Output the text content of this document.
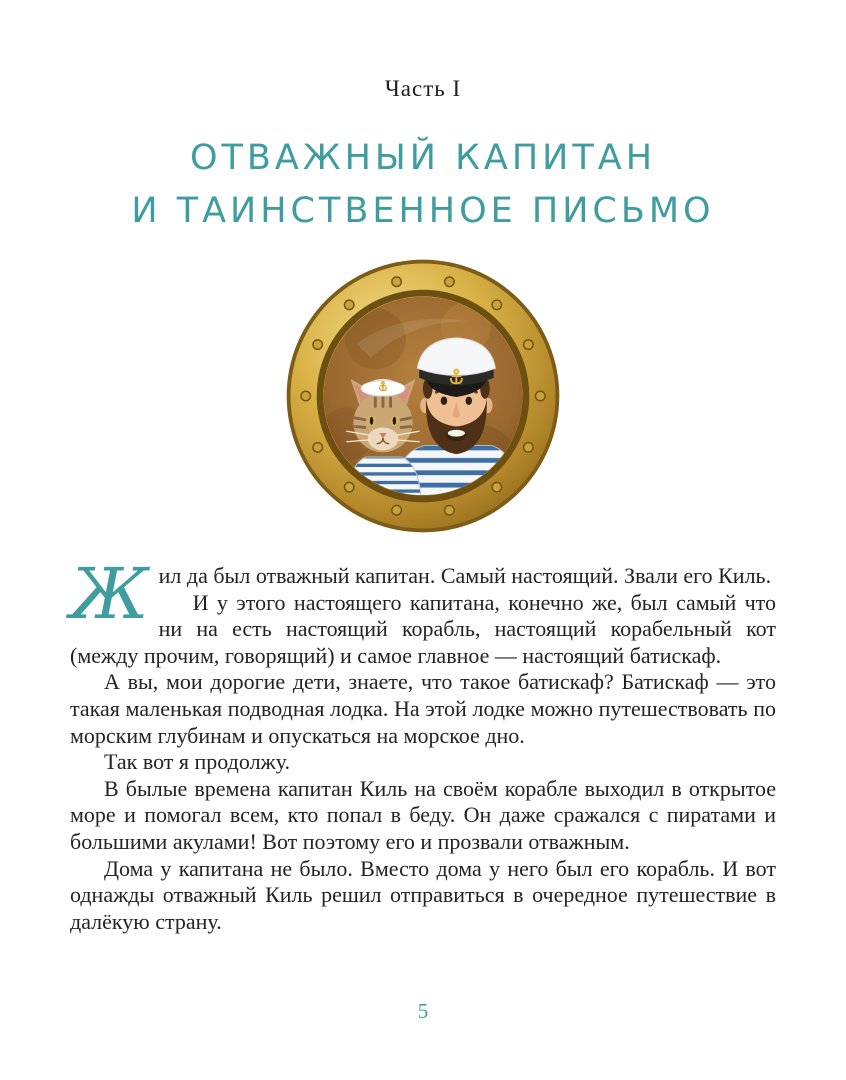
Часть I
ОТВАЖНЫЙ КАПИТАН
И ТАИНСТВЕННОЕ ПИСЬМО

Жил да был отважный капитан. Самый настоящий. Звали его Киль.

И у этого настоящего капитана, конечно же, был самый что ни на есть настоящий корабль, настоящий корабельный кот (между прочим, говорящий) и самое главное — настоящий батискаф.

А вы, мои дорогие дети, знаете, что такое батискаф? Батискаф — это такая маленькая подводная лодка. На этой лодке можно путешествовать по морским глубинам и опускаться на морское дно.

Так вот я продолжу.

В былые времена капитан Киль на своём корабле выходил в открытое море и помогал всем, кто попал в беду. Он даже сражался с пиратами и большими акулами! Вот поэтому его и прозвали отважным.

Дома у капитана не было. Вместо дома у него был его корабль. И вот однажды отважный Киль решил отправиться в очередное путешествие в далёкую страну.

5
